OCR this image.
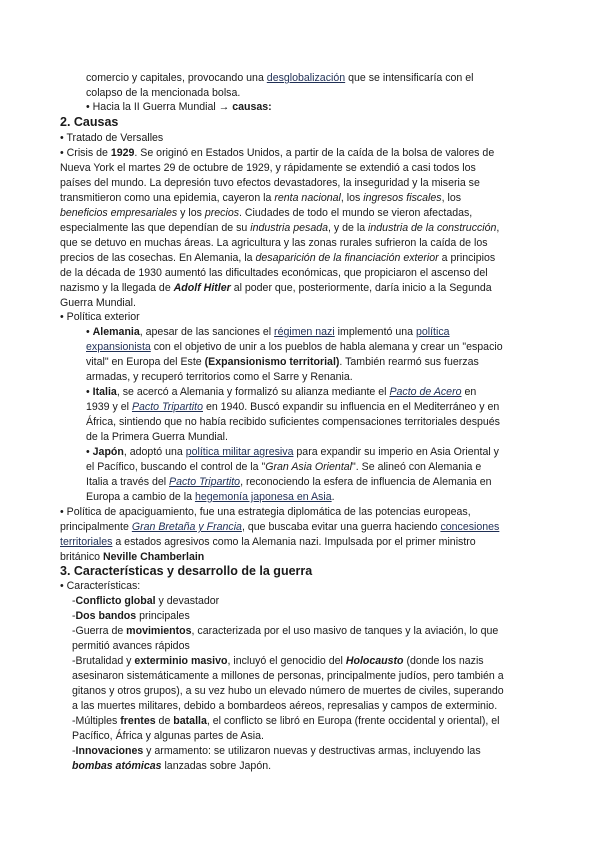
comercio y capitales, provocando una desglobalización que se intensificaría con el
colapso de la mencionada bolsa.
• Hacia la II Guerra Mundial → causas:
2. Causas
• Tratado de Versalles
• Crisis de 1929. Se originó en Estados Unidos, a partir de la caída de la bolsa de valores de
Nueva York el martes 29 de octubre de 1929, y rápidamente se extendió a casi todos los
países del mundo. La depresión tuvo efectos devastadores, la inseguridad y la miseria se
transmitieron como una epidemia, cayeron la renta nacional, los ingresos fiscales, los
beneficios empresariales y los precios. Ciudades de todo el mundo se vieron afectadas,
especialmente las que dependían de su industria pesada, y de la industria de la construcción,
que se detuvo en muchas áreas. La agricultura y las zonas rurales sufrieron la caída de los
precios de las cosechas. En Alemania, la desaparición de la financiación exterior a principios
de la década de 1930 aumentó las dificultades económicas, que propiciaron el ascenso del
nazismo y la llegada de Adolf Hitler al poder que, posteriormente, daría inicio a la Segunda
Guerra Mundial.
• Política exterior
• Alemania, apesar de las sanciones el régimen nazi implementó una política
expansionista con el objetivo de unir a los pueblos de habla alemana y crear un "espacio
vital" en Europa del Este (Expansionismo territorial). También rearmó sus fuerzas
armadas, y recuperó territorios como el Sarre y Renania.
• Italia, se acercó a Alemania y formalizó su alianza mediante el Pacto de Acero en
1939 y el Pacto Tripartito en 1940. Buscó expandir su influencia en el Mediterráneo y en
África, sintiendo que no había recibido suficientes compensaciones territoriales después
de la Primera Guerra Mundial.
• Japón, adoptó una política militar agresiva para expandir su imperio en Asia Oriental y
el Pacífico, buscando el control de la "Gran Asia Oriental". Se alineó con Alemania e
Italia a través del Pacto Tripartito, reconociendo la esfera de influencia de Alemania en
Europa a cambio de la hegemonía japonesa en Asia.
• Política de apaciguamiento, fue una estrategia diplomática de las potencias europeas,
principalmente Gran Bretaña y Francia, que buscaba evitar una guerra haciendo concesiones
territoriales a estados agresivos como la Alemania nazi. Impulsada por el primer ministro
británico Neville Chamberlain
3. Características y desarrollo de la guerra
• Características:
-Conflicto global y devastador
-Dos bandos principales
-Guerra de movimientos, caracterizada por el uso masivo de tanques y la aviación, lo que
permitió avances rápidos
-Brutalidad y exterminio masivo, incluyó el genocidio del Holocausto (donde los nazis
asesinaron sistemáticamente a millones de personas, principalmente judíos, pero también a
gitanos y otros grupos), a su vez hubo un elevado número de muertes de civiles, superando
a las muertes militares, debido a bombardeos aéreos, represalias y campos de exterminio.
-Múltiples frentes de batalla, el conflicto se libró en Europa (frente occidental y oriental), el
Pacífico, África y algunas partes de Asia.
-Innovaciones y armamento: se utilizaron nuevas y destructivas armas, incluyendo las
bombas atómicas lanzadas sobre Japón.
